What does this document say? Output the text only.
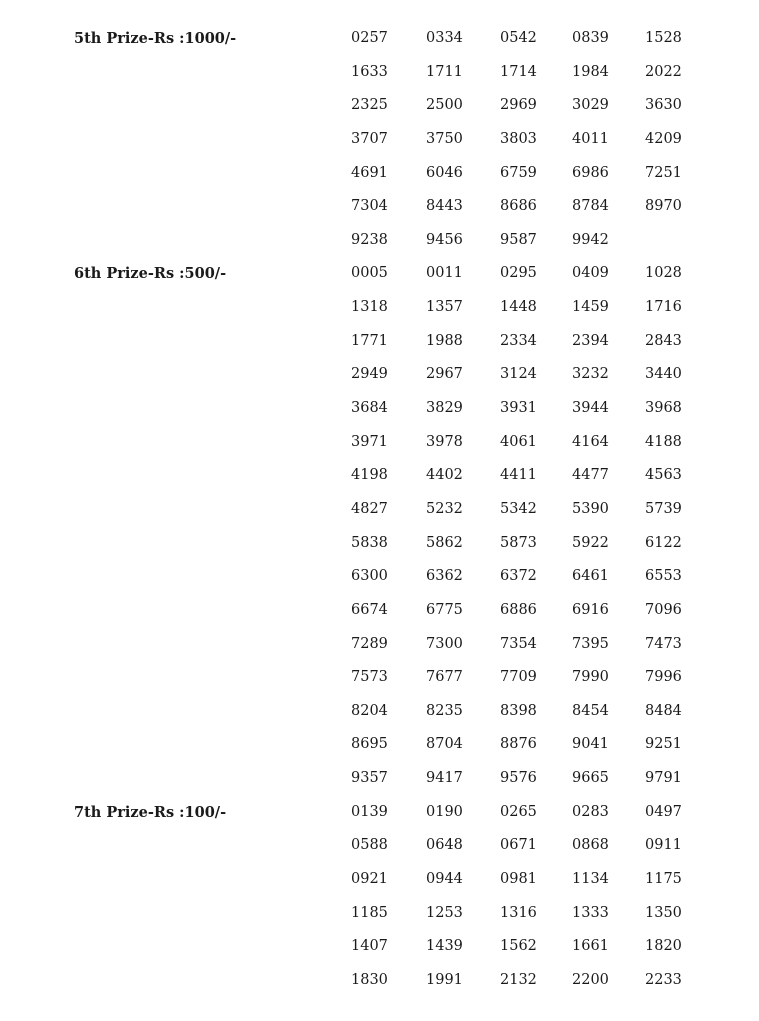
5th Prize-Rs :1000/-	0257	0334	0542 0839 1528
1633	1711	1714 1984 2022
2325	2500	2969 3029 3630
3707	3750	3803 4011 4209
4691	6046	6759 6986 7251
7304	8443	8686 8784 8970
9238	9456	9587 9942
6th Prize-Rs :500/-	0005	0011	0295 0409 1028
1318	1357	1448 1459 1716
1771	1988	2334 2394 2843
2949	2967	3124 3232 3440
3684	3829	3931 3944 3968
3971	3978	4061 4164 4188
4198	4402	4411 4477 4563
4827	5232	5342 5390 5739
5838	5862	5873 5922 6122
6300	6362	6372 6461 6553
6674	6775	6886 6916 7096
7289	7300	7354 7395 7473
7573	7677	7709 7990 7996
8204	8235	8398 8454 8484
8695	8704	8876 9041 9251
9357	9417	9576 9665 9791
7th Prize-Rs :100/-	0139	0190	0265 0283 0497
0588	0648	0671 0868 0911
0921	0944	0981 1134 1175
1185	1253	1316 1333 1350
1407	1439	1562 1661 1820
1830	1991	2132 2200 2233
